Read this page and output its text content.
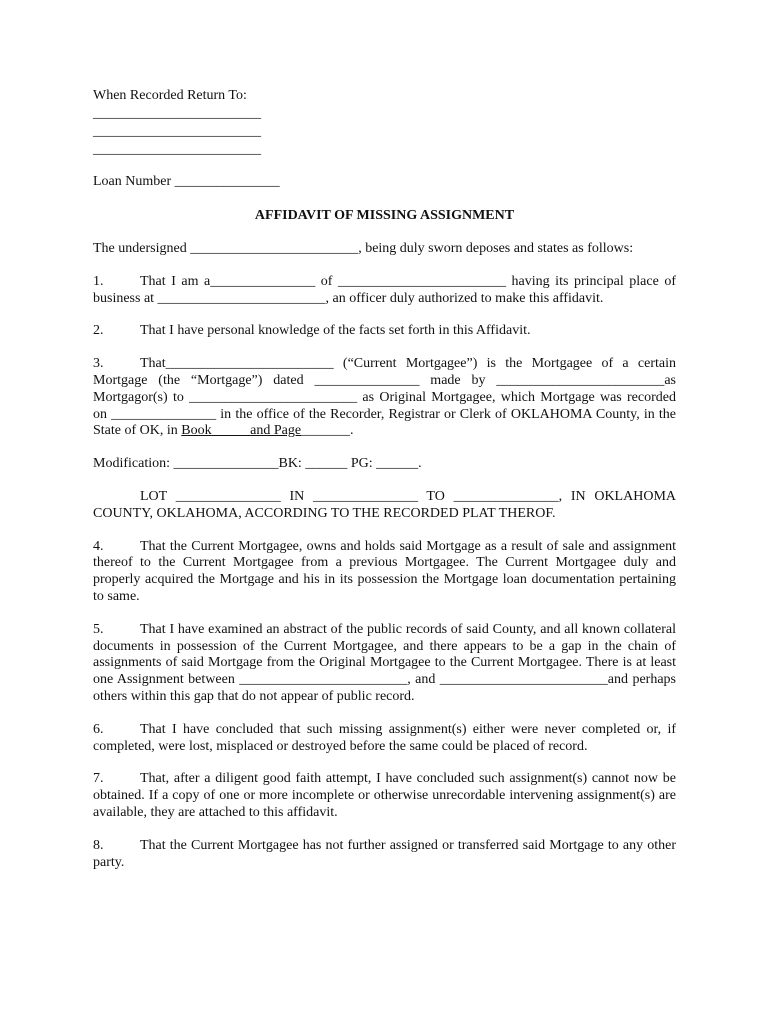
When Recorded Return To:
________________________
________________________
________________________
Loan Number _______________
AFFIDAVIT OF MISSING ASSIGNMENT
The undersigned ________________________, being duly sworn deposes and states as follows:
1.	That I am a_______________ of ________________________ having its principal place of business at ________________________, an officer duly authorized to make this affidavit.
2.	That I have personal knowledge of the facts set forth in this Affidavit.
3.	That________________________ (“Current Mortgagee”) is the Mortgagee of a certain Mortgage (the “Mortgage”) dated _______________ made by ________________________as Mortgagor(s) to ________________________ as Original Mortgagee, which Mortgage was recorded on _______________ in the office of the Recorder, Registrar or Clerk of OKLAHOMA County, in the State of OK, in Book	and Page_______.
Modification: _______________BK: ______ PG: ______.
LOT _______________ IN _______________ TO _______________, IN OKLAHOMA
COUNTY, OKLAHOMA, ACCORDING TO THE RECORDED PLAT THEROF.
4.	That the Current Mortgagee, owns and holds said Mortgage as a result of sale and assignment thereof to the Current Mortgagee from a previous Mortgagee. The Current Mortgagee duly and properly acquired the Mortgage and his in its possession the Mortgage loan documentation pertaining to same.
5.	That I have examined an abstract of the public records of said County, and all known collateral documents in possession of the Current Mortgagee, and there appears to be a gap in the chain of assignments of said Mortgage from the Original Mortgagee to the Current Mortgagee. There is at least one Assignment between ________________________, and ________________________and perhaps others within this gap that do not appear of public record.
6.	That I have concluded that such missing assignment(s) either were never completed or, if completed, were lost, misplaced or destroyed before the same could be placed of record.
7.	That, after a diligent good faith attempt, I have concluded such assignment(s) cannot now be obtained. If a copy of one or more incomplete or otherwise unrecordable intervening assignment(s) are available, they are attached to this affidavit.
8.	That the Current Mortgagee has not further assigned or transferred said Mortgage to any other party.
